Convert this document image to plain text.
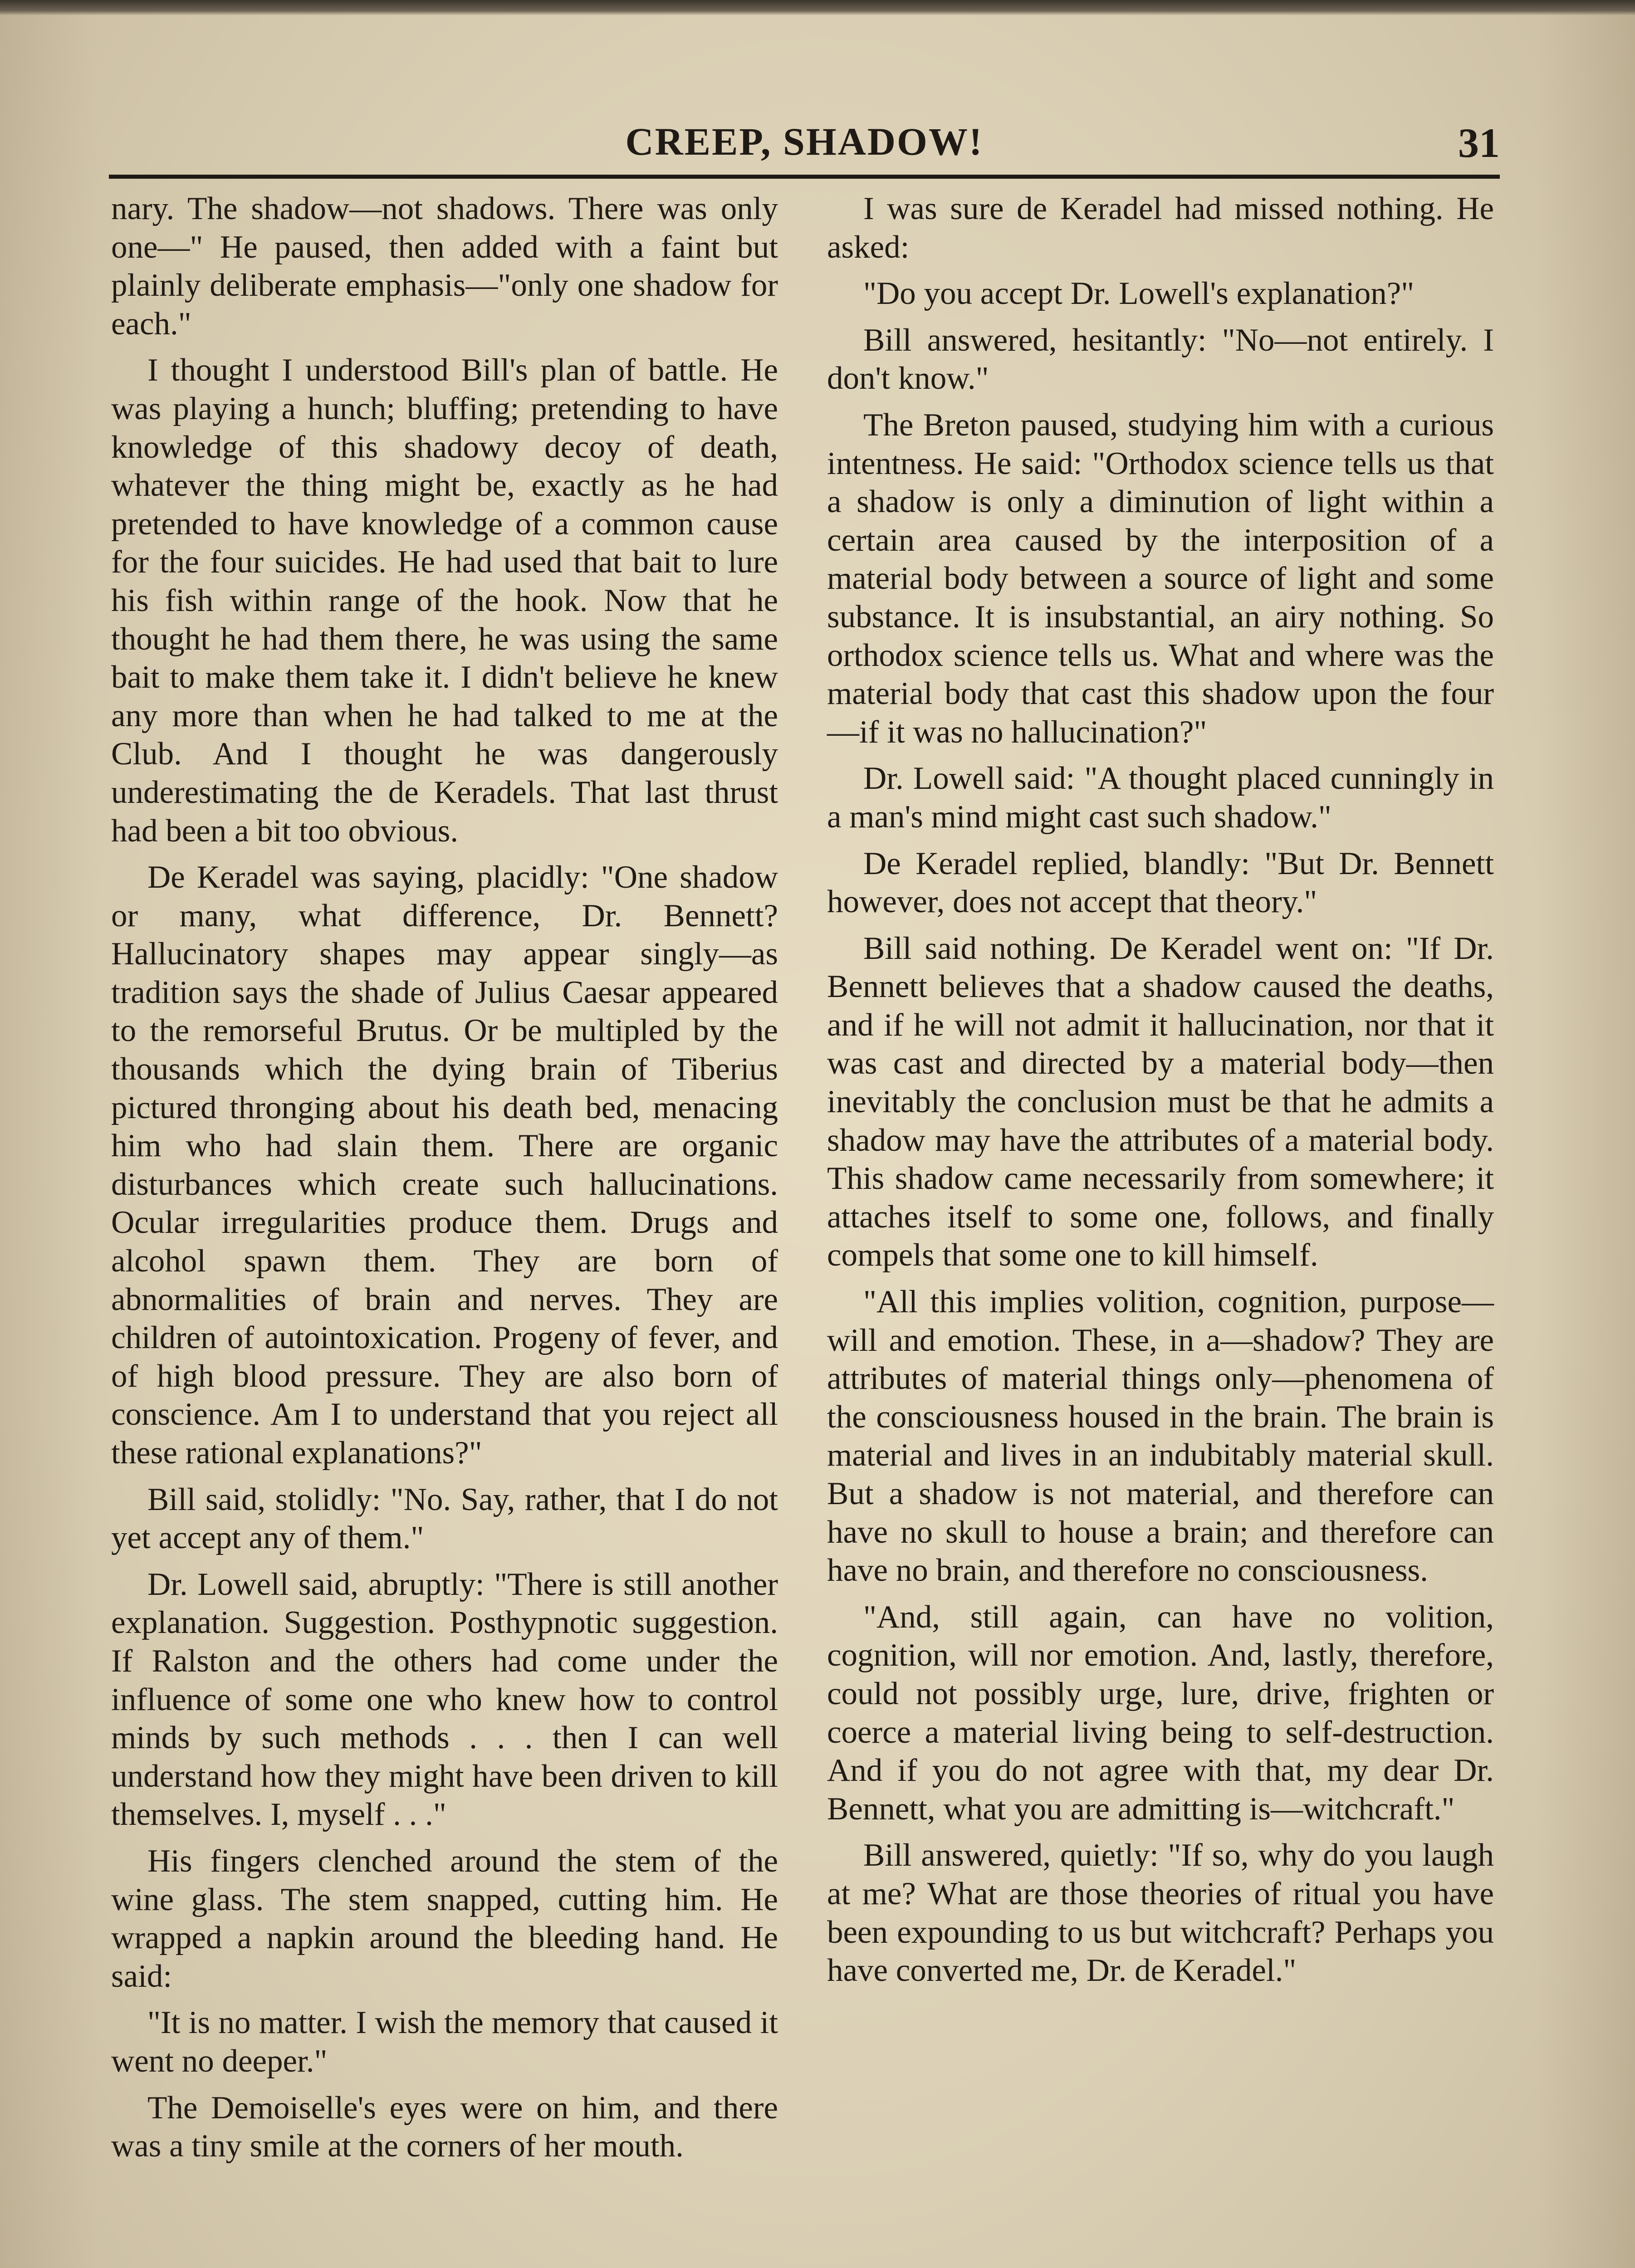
CREEP, SHADOW!	31

nary. The shadow—not shadows. There was only one—" He paused, then added with a faint but plainly deliberate emphasis—"only one shadow for each."

I thought I understood Bill's plan of battle. He was playing a hunch; bluffing; pretending to have knowledge of this shadowy decoy of death, whatever the thing might be, exactly as he had pretended to have knowledge of a common cause for the four suicides. He had used that bait to lure his fish within range of the hook. Now that he thought he had them there, he was using the same bait to make them take it. I didn't believe he knew any more than when he had talked to me at the Club. And I thought he was dangerously underestimating the de Keradels. That last thrust had been a bit too obvious.

De Keradel was saying, placidly: "One shadow or many, what difference, Dr. Bennett? Hallucinatory shapes may appear singly—as tradition says the shade of Julius Caesar appeared to the remorseful Brutus. Or be multipled by the thousands which the dying brain of Tiberius pictured thronging about his death bed, menacing him who had slain them. There are organic disturbances which create such hallucinations. Ocular irregularities produce them. Drugs and alcohol spawn them. They are born of abnormalities of brain and nerves. They are children of autointoxication. Progeny of fever, and of high blood pressure. They are also born of conscience. Am I to understand that you reject all these rational explanations?"

Bill said, stolidly: "No. Say, rather, that I do not yet accept any of them."

Dr. Lowell said, abruptly: "There is still another explanation. Suggestion. Posthypnotic suggestion. If Ralston and the others had come under the influence of some one who knew how to control minds by such methods . . . then I can well understand how they might have been driven to kill themselves. I, myself . . ."

His fingers clenched around the stem of the wine glass. The stem snapped, cutting him. He wrapped a napkin around the bleeding hand. He said:

"It is no matter. I wish the memory that caused it went no deeper."

The Demoiselle's eyes were on him, and there was a tiny smile at the corners of her mouth.

I was sure de Keradel had missed nothing. He asked:

"Do you accept Dr. Lowell's explanation?"

Bill answered, hesitantly: "No—not entirely. I don't know."

The Breton paused, studying him with a curious intentness. He said: "Orthodox science tells us that a shadow is only a diminution of light within a certain area caused by the interposition of a material body between a source of light and some substance. It is insubstantial, an airy nothing. So orthodox science tells us. What and where was the material body that cast this shadow upon the four—if it was no hallucination?"

Dr. Lowell said: "A thought placed cunningly in a man's mind might cast such shadow."

De Keradel replied, blandly: "But Dr. Bennett however, does not accept that theory."

Bill said nothing. De Keradel went on: "If Dr. Bennett believes that a shadow caused the deaths, and if he will not admit it hallucination, nor that it was cast and directed by a material body—then inevitably the conclusion must be that he admits a shadow may have the attributes of a material body. This shadow came necessarily from somewhere; it attaches itself to some one, follows, and finally compels that some one to kill himself.

"All this implies volition, cognition, purpose—will and emotion. These, in a—shadow? They are attributes of material things only—phenomena of the consciousness housed in the brain. The brain is material and lives in an indubitably material skull. But a shadow is not material, and therefore can have no skull to house a brain; and therefore can have no brain, and therefore no consciousness.

"And, still again, can have no volition, cognition, will nor emotion. And, lastly, therefore, could not possibly urge, lure, drive, frighten or coerce a material living being to self-destruction. And if you do not agree with that, my dear Dr. Bennett, what you are admitting is—witchcraft."

Bill answered, quietly: "If so, why do you laugh at me? What are those theories of ritual you have been expounding to us but witchcraft? Perhaps you have converted me, Dr. de Keradel."
